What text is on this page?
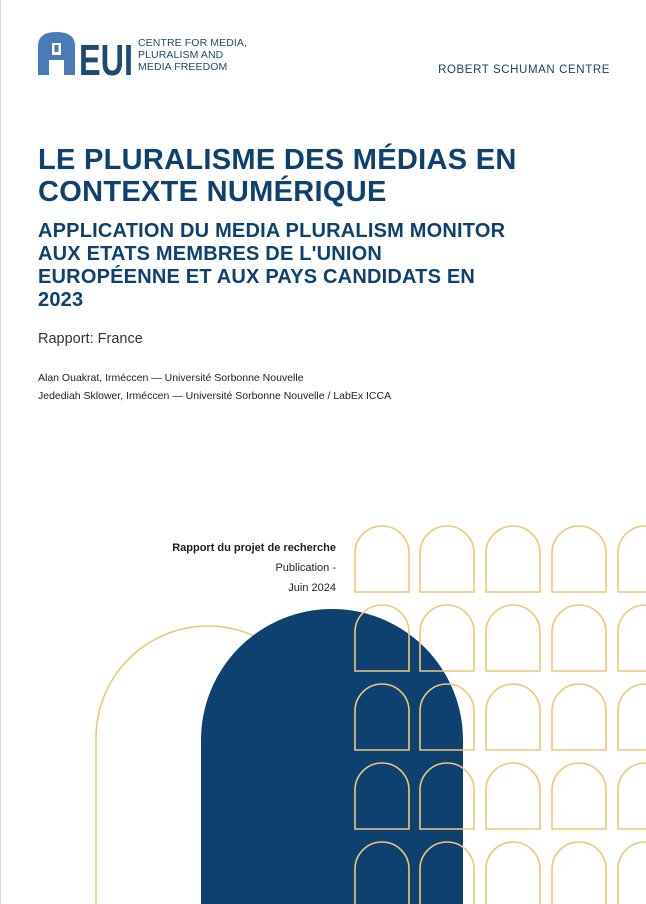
EUI CENTRE FOR MEDIA,
PLURALISM AND
MEDIA FREEDOM	ROBERT SCHUMAN CENTRE
LE PLURALISME DES MÉDIAS EN CONTEXTE NUMÉRIQUE
APPLICATION DU MEDIA PLURALISM MONITOR AUX ETATS MEMBRES DE L'UNION EUROPÉENNE ET AUX PAYS CANDIDATS EN 2023
Rapport: France
Alan Ouakrat, Irméccen — Université Sorbonne Nouvelle
Jedediah Sklower, Irméccen — Université Sorbonne Nouvelle / LabEx ICCA
Rapport du projet de recherche
Publication -
Juin 2024
